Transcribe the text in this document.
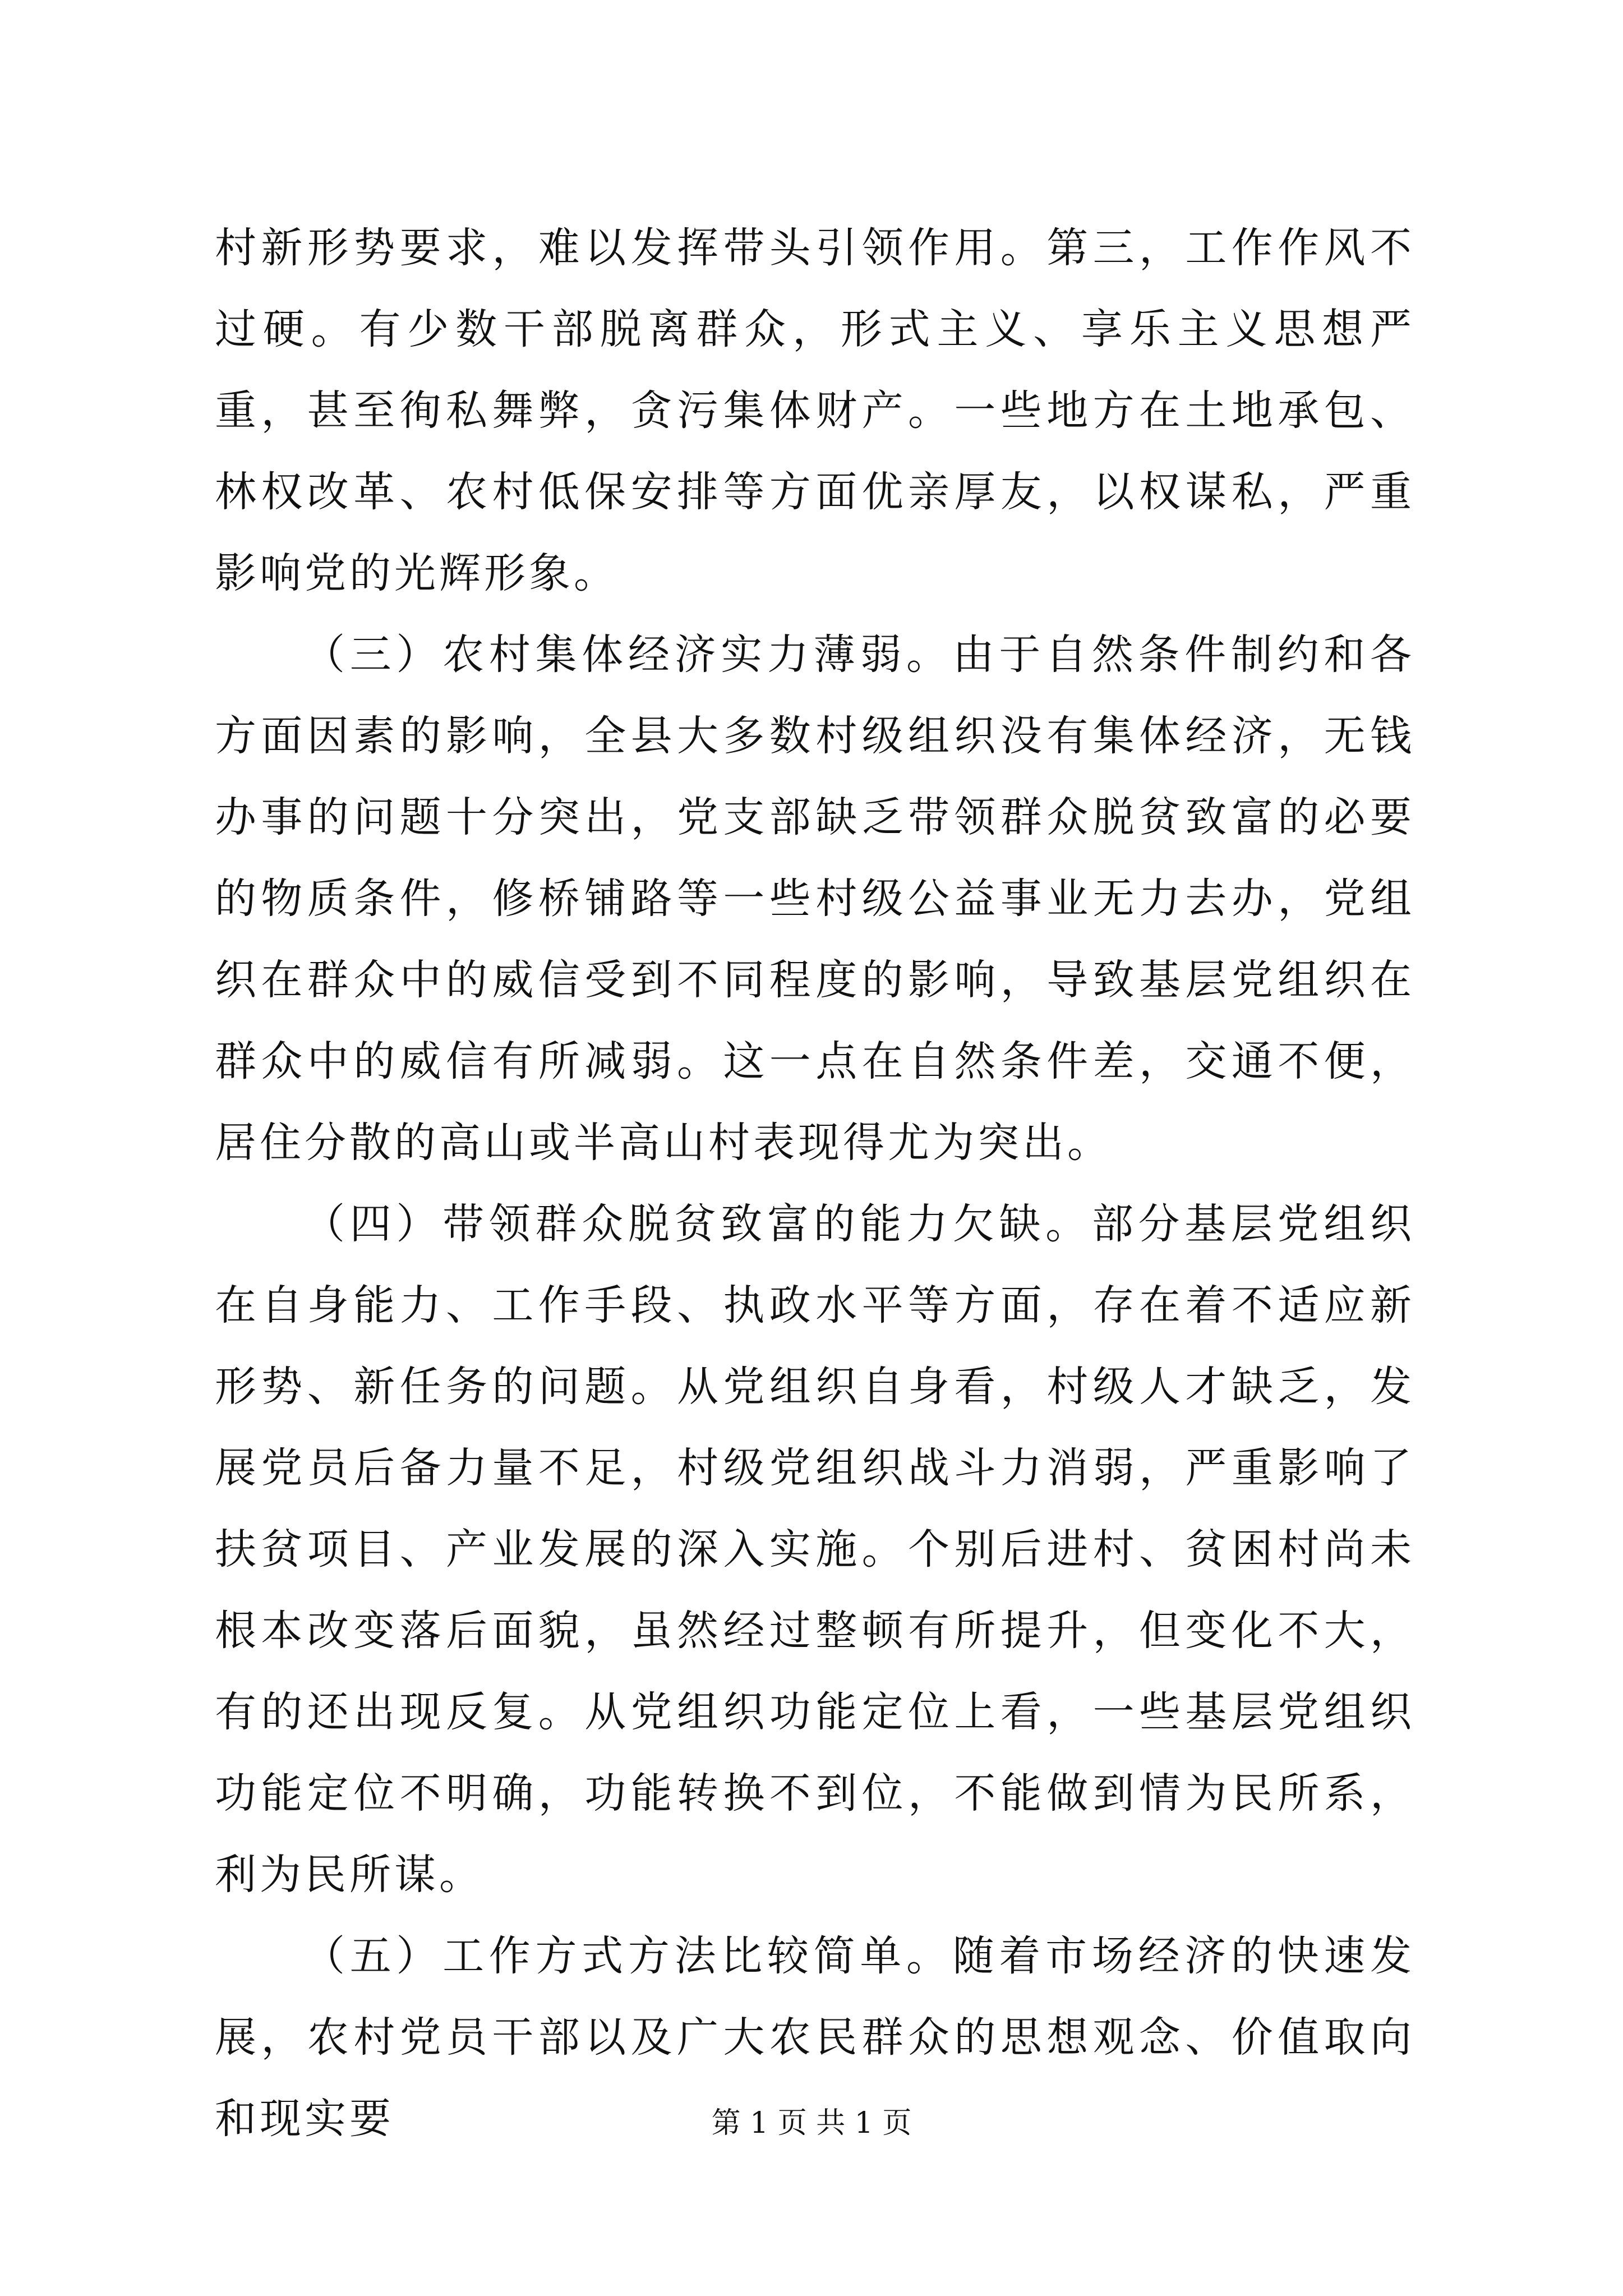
村新形势要求，难以发挥带头引领作用。第三，工作作风不过硬。有少数干部脱离群众，形式主义、享乐主义思想严重，甚至徇私舞弊，贪污集体财产。一些地方在土地承包、林权改革、农村低保安排等方面优亲厚友，以权谋私，严重影响党的光辉形象。

（三）农村集体经济实力薄弱。由于自然条件制约和各方面因素的影响，全县大多数村级组织没有集体经济，无钱办事的问题十分突出，党支部缺乏带领群众脱贫致富的必要的物质条件，修桥铺路等一些村级公益事业无力去办，党组织在群众中的威信受到不同程度的影响，导致基层党组织在群众中的威信有所减弱。这一点在自然条件差，交通不便，居住分散的高山或半高山村表现得尤为突出。

（四）带领群众脱贫致富的能力欠缺。部分基层党组织在自身能力、工作手段、执政水平等方面，存在着不适应新形势、新任务的问题。从党组织自身看，村级人才缺乏，发展党员后备力量不足，村级党组织战斗力消弱，严重影响了扶贫项目、产业发展的深入实施。个别后进村、贫困村尚未根本改变落后面貌，虽然经过整顿有所提升，但变化不大，有的还出现反复。从党组织功能定位上看，一些基层党组织功能定位不明确，功能转换不到位，不能做到情为民所系，利为民所谋。

（五）工作方式方法比较简单。随着市场经济的快速发展，农村党员干部以及广大农民群众的思想观念、价值取向和现实要	第 1 页 共 1 页
